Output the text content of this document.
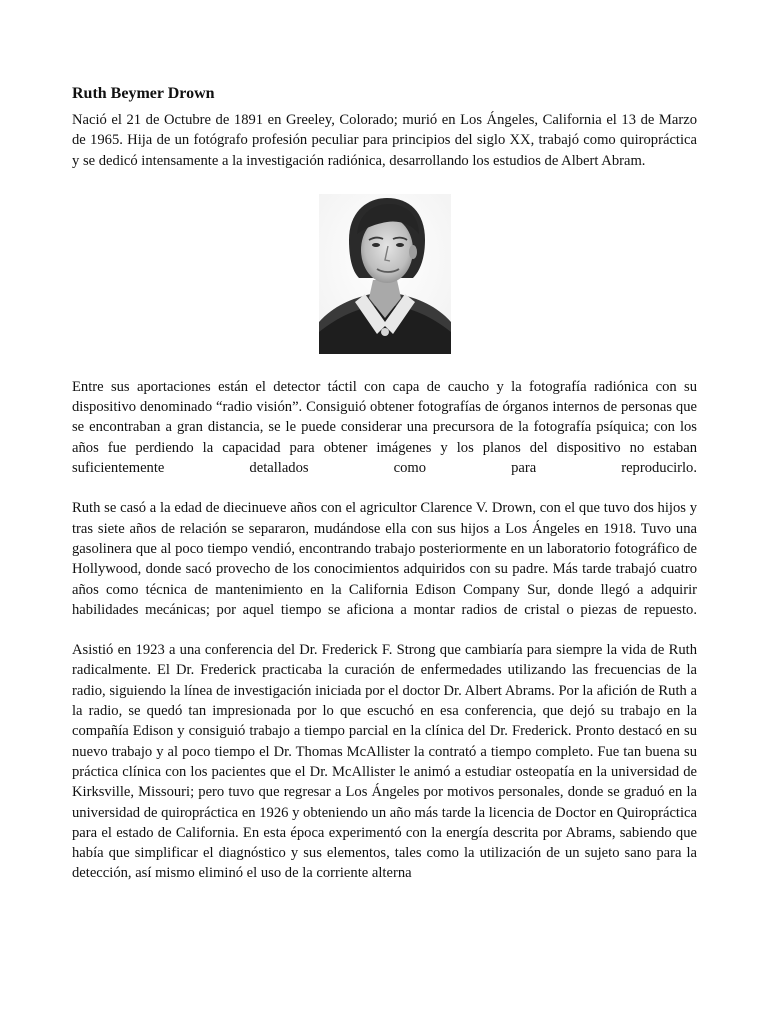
Ruth Beymer Drown

Nació el 21 de Octubre de 1891 en Greeley, Colorado; murió en Los Ángeles, California el 13 de Marzo de 1965. Hija de un fotógrafo profesión peculiar para principios del siglo XX, trabajó como quiropráctica y se dedicó intensamente a la investigación radiónica, desarrollando los estudios de Albert Abram.

Entre sus aportaciones están el detector táctil con capa de caucho y la fotografía radiónica con su dispositivo denominado “radio visión”. Consiguió obtener fotografías de órganos internos de personas que se encontraban a gran distancia, se le puede considerar una precursora de la fotografía psíquica; con los años fue perdiendo la capacidad para obtener imágenes y los planos del dispositivo no estaban suficientemente detallados como para reproducirlo.

Ruth se casó a la edad de diecinueve años con el agricultor Clarence V. Drown, con el que tuvo dos hijos y tras siete años de relación se separaron, mudándose ella con sus hijos a Los Ángeles en 1918. Tuvo una gasolinera que al poco tiempo vendió, encontrando trabajo posteriormente en un laboratorio fotográfico de Hollywood, donde sacó provecho de los conocimientos adquiridos con su padre. Más tarde trabajó cuatro años como técnica de mantenimiento en la California Edison Company Sur, donde llegó a adquirir habilidades mecánicas; por aquel tiempo se aficiona a montar radios de cristal o piezas de repuesto.

Asistió en 1923 a una conferencia del Dr. Frederick F. Strong que cambiaría para siempre la vida de Ruth radicalmente. El Dr. Frederick practicaba la curación de enfermedades utilizando las frecuencias de la radio, siguiendo la línea de investigación iniciada por el doctor Dr. Albert Abrams. Por la afición de Ruth a la radio, se quedó tan impresionada por lo que escuchó en esa conferencia, que dejó su trabajo en la compañía Edison y consiguió trabajo a tiempo parcial en la clínica del Dr. Frederick. Pronto destacó en su nuevo trabajo y al poco tiempo el Dr. Thomas McAllister la contrató a tiempo completo. Fue tan buena su práctica clínica con los pacientes que el Dr. McAllister le animó a estudiar osteopatía en la universidad de Kirksville, Missouri; pero tuvo que regresar a Los Ángeles por motivos personales, donde se graduó en la universidad de quiropráctica en 1926 y obteniendo un año más tarde la licencia de Doctor en Quiropráctica para el estado de California. En esta época experimentó con la energía descrita por Abrams, sabiendo que había que simplificar el diagnóstico y sus elementos, tales como la utilización de un sujeto sano para la detección, así mismo eliminó el uso de la corriente alterna
